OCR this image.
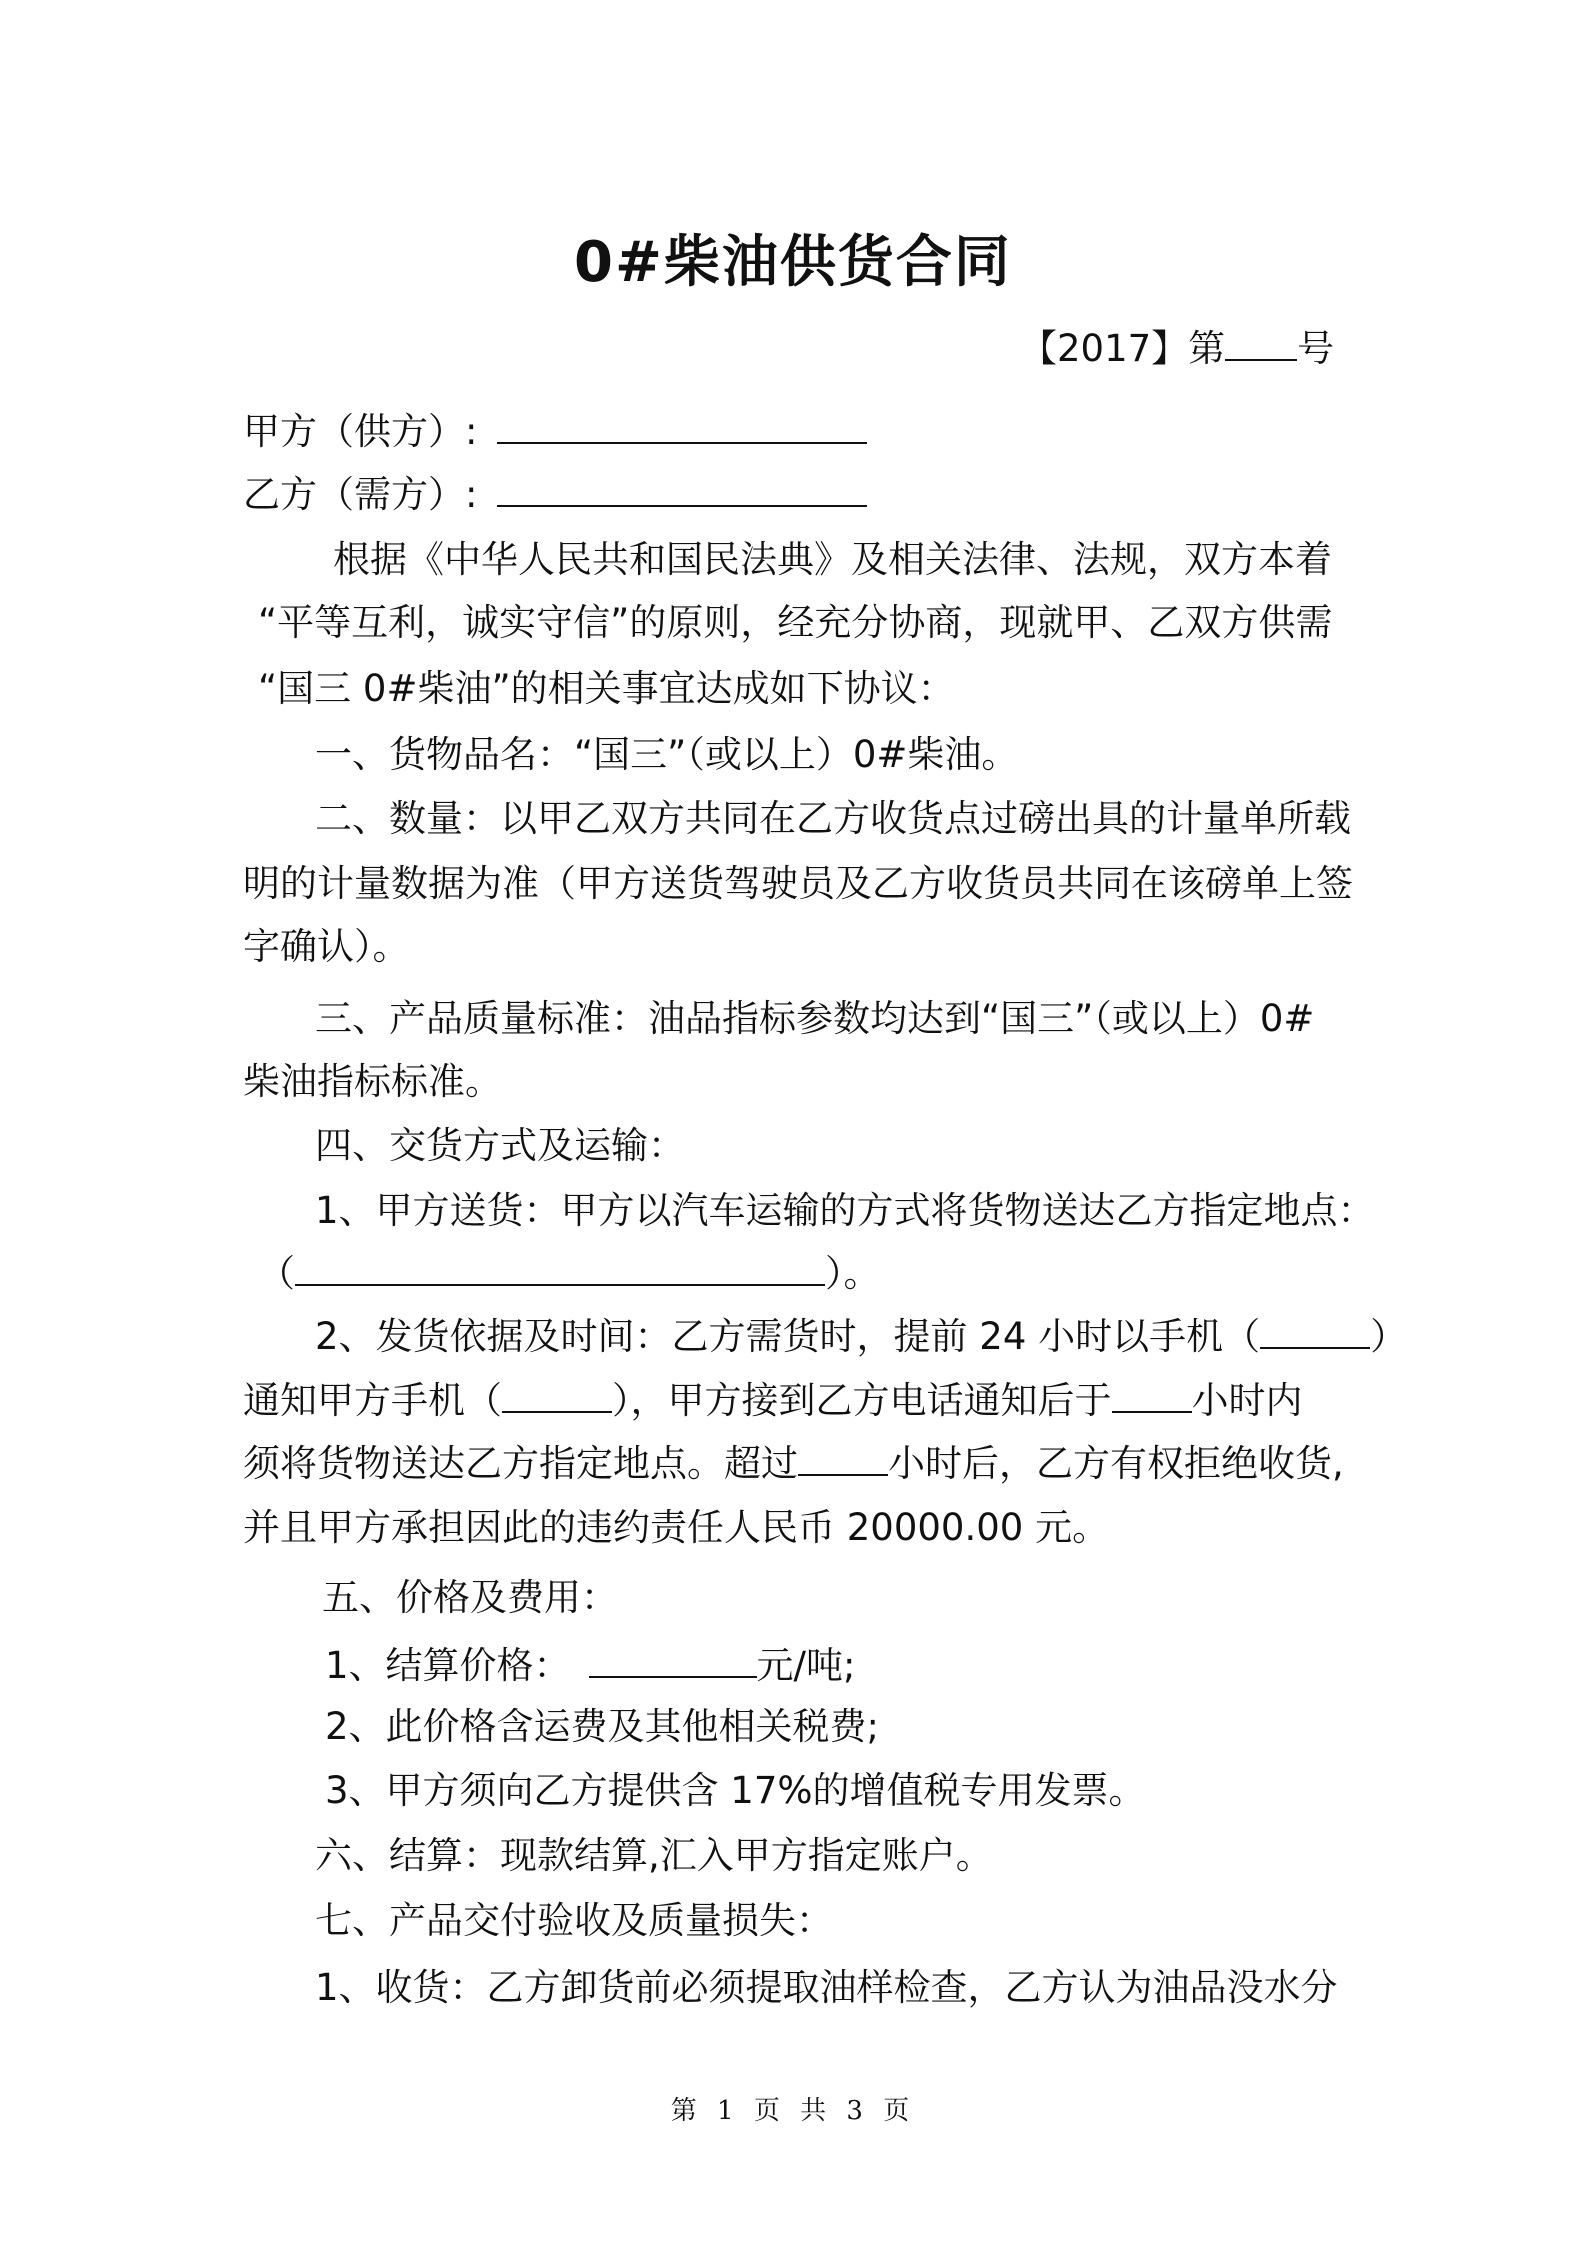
0#柴油供货合同
【2017】第 号
甲方（供方）:
乙方（需方）:
根据《中华人民共和国民法典》及相关法律、法规，双方本着
“平等互利，诚实守信”的原则，经充分协商，现就甲、乙双方供需
“国三 0#柴油”的相关事宜达成如下协议：
一、货物品名：“国三”（或以上）0#柴油。
二、数量：以甲乙双方共同在乙方收货点过磅出具的计量单所载
明的计量数据为准（甲方送货驾驶员及乙方收货员共同在该磅单上签
字确认）。
三、产品质量标准：油品指标参数均达到“国三”（或以上）0#
柴油指标标准。
四、交货方式及运输：
1、甲方送货：甲方以汽车运输的方式将货物送达乙方指定地点：
（	）。
2、发货依据及时间：乙方需货时，提前 24 小时以手机（	）
通知甲方手机（	），甲方接到乙方电话通知后于 小时内
须将货物送达乙方指定地点。超过 小时后，乙方有权拒绝收货,
并且甲方承担因此的违约责任人民币 20000.00 元。
五、价格及费用：
1、结算价格：	元/吨;
2、此价格含运费及其他相关税费;
3、甲方须向乙方提供含 17%的增值税专用发票。
六、结算：现款结算,汇入甲方指定账户。
七、产品交付验收及质量损失：
1、收货：乙方卸货前必须提取油样检查，乙方认为油品没水分
第 1 页 共 3 页
